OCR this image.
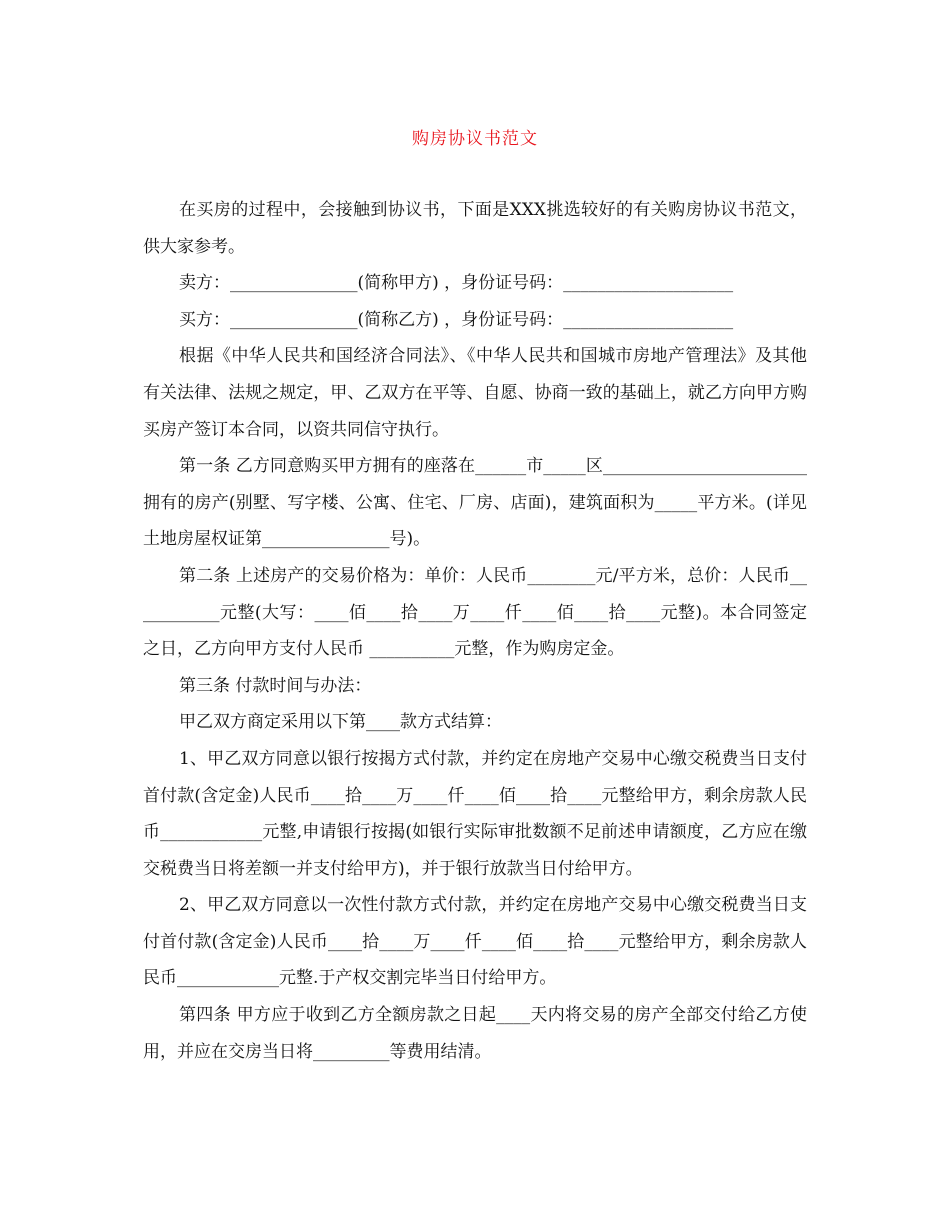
购房协议书范文

在买房的过程中，会接触到协议书，下面是XXX挑选较好的有关购房协议书范文，供大家参考。

卖方：_______________(简称甲方) ，身份证号码：____________________

买方：_______________(简称乙方) ，身份证号码：____________________

根据《中华人民共和国经济合同法》、《中华人民共和国城市房地产管理法》及其他有关法律、法规之规定，甲、乙双方在平等、自愿、协商一致的基础上，就乙方向甲方购买房产签订本合同，以资共同信守执行。

第一条 乙方同意购买甲方拥有的座落在______市_____区________________________拥有的房产(别墅、写字楼、公寓、住宅、厂房、店面)，建筑面积为_____平方米。(详见土地房屋权证第_______________号)。

第二条 上述房产的交易价格为：单价：人民币________元/平方米，总价：人民币___________元整(大写：____佰____拾____万____仟____佰____拾____元整)。本合同签定之日，乙方向甲方支付人民币 __________元整，作为购房定金。

第三条 付款时间与办法：

甲乙双方商定采用以下第____款方式结算：

1、甲乙双方同意以银行按揭方式付款，并约定在房地产交易中心缴交税费当日支付首付款(含定金)人民币____拾____万____仟____佰____拾____元整给甲方，剩余房款人民币____________元整,申请银行按揭(如银行实际审批数额不足前述申请额度，乙方应在缴交税费当日将差额一并支付给甲方)，并于银行放款当日付给甲方。

2、甲乙双方同意以一次性付款方式付款，并约定在房地产交易中心缴交税费当日支付首付款(含定金)人民币____拾____万____仟____佰____拾____元整给甲方，剩余房款人民币____________元整.于产权交割完毕当日付给甲方。

第四条 甲方应于收到乙方全额房款之日起____天内将交易的房产全部交付给乙方使用，并应在交房当日将_________等费用结清。
